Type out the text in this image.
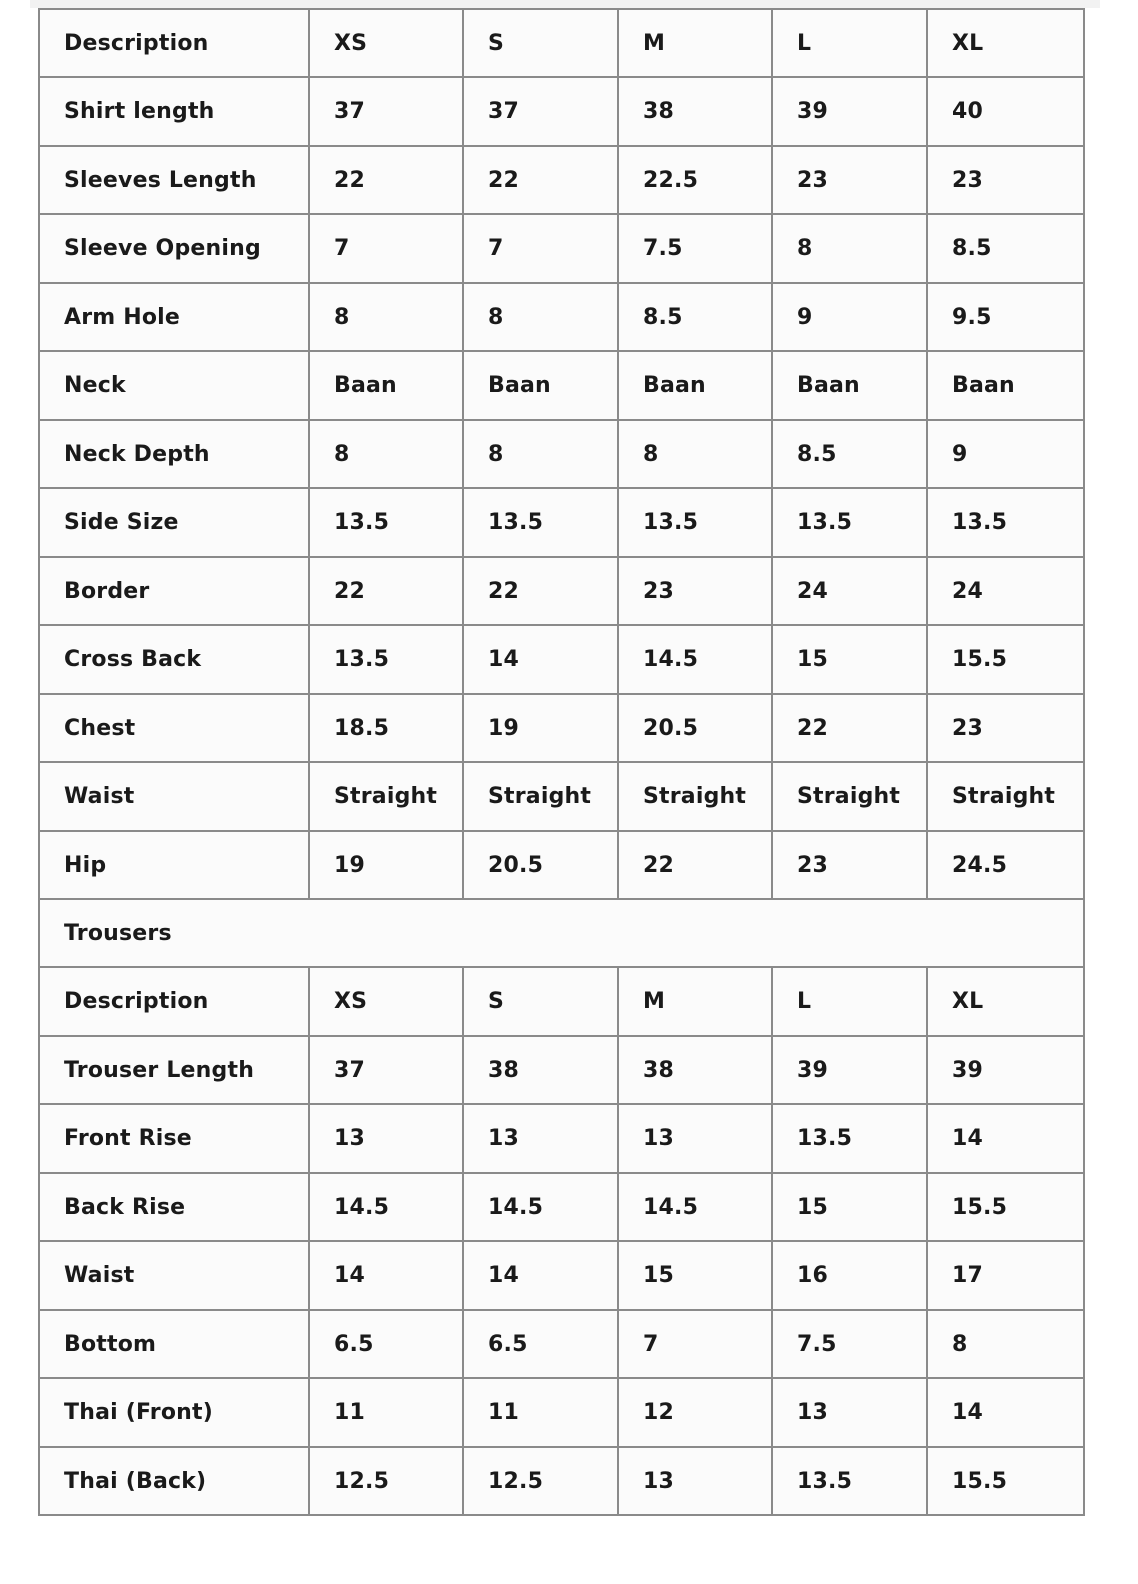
Description	XS	S	M	L	XL
Shirt length	37	37	38	39	40
Sleeves Length	22	22	22.5	23	23
Sleeve Opening	7	7	7.5	8	8.5
Arm Hole	8	8	8.5	9	9.5
Neck	Baan	Baan	Baan	Baan	Baan
Neck Depth	8	8	8	8.5	9
Side Size	13.5	13.5	13.5	13.5	13.5
Border	22	22	23	24	24
Cross Back	13.5	14	14.5	15	15.5
Chest	18.5	19	20.5	22	23
Waist	Straight	Straight	Straight	Straight	Straight
Hip	19	20.5	22	23	24.5
Trousers					
Description	XS	S	M	L	XL
Trouser Length	37	38	38	39	39
Front Rise	13	13	13	13.5	14
Back Rise	14.5	14.5	14.5	15	15.5
Waist	14	14	15	16	17
Bottom	6.5	6.5	7	7.5	8
Thai (Front)	11	11	12	13	14
Thai (Back)	12.5	12.5	13	13.5	15.5
